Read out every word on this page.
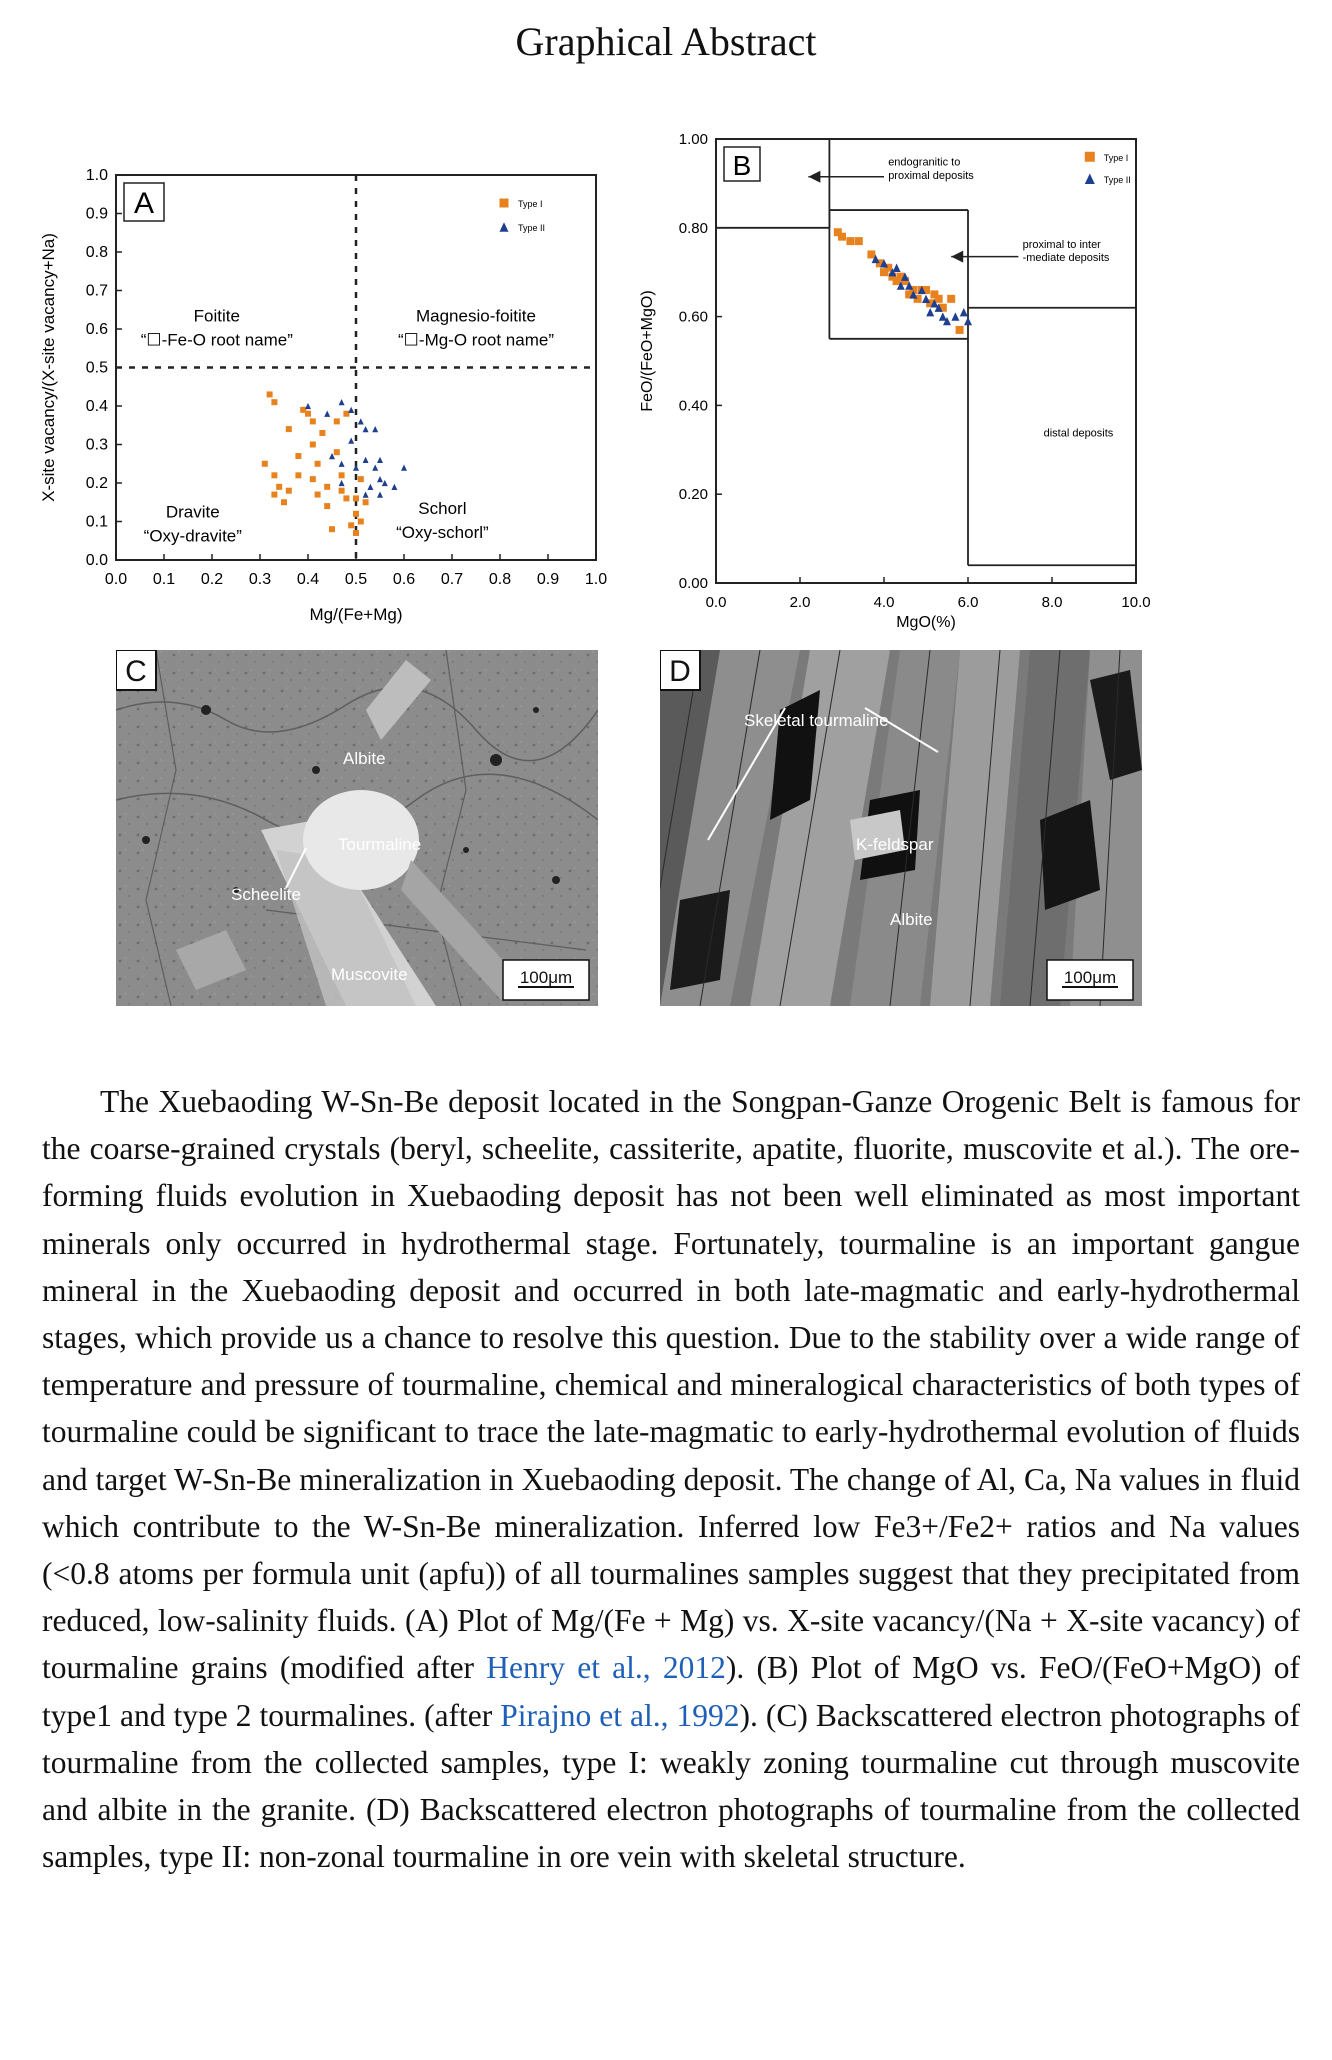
Graphical Abstract
0.0 0.1 0.2 0.3 0.4 0.5 0.6 0.7 0.8 0.9 1.0
0.0
0.1
0.2
0.3
0.4
0.5
0.6
0.7
0.8
0.9
1.0
Mg/(Fe+Mg)
X-site vacancy/(X-site vacancy+Na)
A
Foitite
“☐-Fe-O root name”
Magnesio-foitite
“☐-Mg-O root name”
Dravite
“Oxy-dravite”
Schorl
“Oxy-schorl”
Type I
Type II
0.0	2.0	4.0	6.0	8.0	10.0
0.00
0.20
0.40
0.60
0.80
1.00
MgO(%)
FeO/(FeO+MgO)
B	endogranitic to
proximal deposits
proximal to inter
-mediate deposits
distal deposits
Type I
Type II
C
Albite
Tourmaline
Scheelite
Muscovite	100μm
D
Skeletal tourmaline
K-feldspar
Albite
100μm

The Xuebaoding W-Sn-Be deposit located in the Songpan-Ganze Orogenic Belt is famous for the coarse-grained crystals (beryl, scheelite, cassiterite, apatite, fluorite, muscovite et al.). The ore-forming fluids evolution in Xuebaoding deposit has not been well eliminated as most important minerals only occurred in hydrothermal stage. Fortunately, tourmaline is an important gangue mineral in the Xuebaoding deposit and occurred in both late-magmatic and early-hydrothermal stages, which provide us a chance to resolve this question. Due to the stability over a wide range of temperature and pressure of tourmaline, chemical and mineralogical characteristics of both types of tourmaline could be significant to trace the late-magmatic to early-hydrothermal evolution of fluids and target W-Sn-Be mineralization in Xuebaoding deposit. The change of Al, Ca, Na values in fluid which contribute to the W-Sn-Be mineralization. Inferred low Fe3+/Fe2+ ratios and Na values (<0.8 atoms per formula unit (apfu)) of all tourmalines samples suggest that they precipitated from reduced, low-salinity fluids. (A) Plot of Mg/(Fe + Mg) vs. X-site vacancy/(Na + X-site vacancy) of tourmaline grains (modified after Henry et al., 2012). (B) Plot of MgO vs. FeO/(FeO+MgO) of type1 and type 2 tourmalines. (after Pirajno et al., 1992). (C) Backscattered electron photographs of tourmaline from the collected samples, type I: weakly zoning tourmaline cut through muscovite and albite in the granite. (D) Backscattered electron photographs of tourmaline from the collected samples, type II: non-zonal tourmaline in ore vein with skeletal structure.
